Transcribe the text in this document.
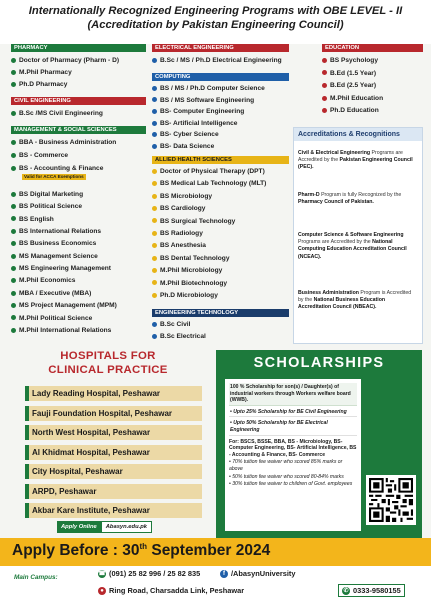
Internationally Recognized Engineering Programs with OBE LEVEL - II
(Accreditation by Pakistan Engineering Council)
PHARMACY
Doctor of Pharmacy (Pharm - D)
M.Phil Pharmacy
Ph.D Pharmacy
CIVIL ENGINEERING
B.Sc /MS Civil Engineering
MANAGEMENT & SOCIAL SCIENCES
BBA - Business Administration
BS - Commerce
BS - Accounting & Finance
Valid for ACCA Exemptions
BS Digital Marketing
BS Political Science
BS English
BS International Relations
BS Business Economics
MS Management Science
MS Engineering Management
M.Phil Economics
MBA / Executive (MBA)
MS Project Management (MPM)
M.Phil Political Science
M.Phil International Relations
ELECTRICAL ENGINEERING
B.Sc / MS / Ph.D Electrical Engineering
COMPUTING
BS / MS / Ph.D Computer Science
BS / MS Software Engineering
BS- Computer Engineering
BS- Artificial Intelligence
BS- Cyber Science
BS- Data Science
ALLIED HEALTH SCIENCES
Doctor of Physical Therapy (DPT)
BS Medical Lab Technology (MLT)
BS Microbiology
BS Cardiology
BS Surgical Technology
BS Radiology
BS Anesthesia
BS Dental Technology
M.Phil Microbiology
M.Phil Biotechnology
Ph.D Microbiology
ENGINEERING TECHNOLOGY
B.Sc Civil
B.Sc Electrical
EDUCATION
BS Psychology
B.Ed (1.5 Year)
B.Ed (2.5 Year)
M.Phil Education
Ph.D Education
Accreditations & Recognitions

Civil & Electrical Engineering Programs are Accredited by the Pakistan Engineering Council (PEC).

Pharm-D Program is fully Recognized by the Pharmacy Council of Pakistan.

Computer Science & Software Engineering Programs are Accredited by the National Computing Education Accreditation Council (NCEAC).

Business Administration Program is Accredited by the National Business Education Accreditation Council (NBEAC).

HOSPITALS FOR
CLINICAL PRACTICE
Lady Reading Hospital, Peshawar
Fauji Foundation Hospital, Peshawar
North West Hospital, Peshawar
Al Khidmat Hospital, Peshawar
City Hospital, Peshawar
ARPD, Peshawar
Akbar Kare Institute, Peshawar
Apply Online	Abasyn.edu.pk
SCHOLARSHIPS
100 % Scholarship for son(s) / Daughter(s) of industrial workers through Workers welfare board (WWB).
• Upto 25% Scholarship for BE Civil Engineering
• Upto 50% Scholarship for BE Electrical Engineering
For: BSCS, BSSE, BBA, BS - Microbiology, BS- Computer Engineering, BS- Artificial Intelligence, BS - Accounting & Finance, BS- Commerce
• 70% tuition fee waiver who scored 85% marks or above
• 50% tuition fee waiver who scored 80-84% marks
• 30% tuition fee waiver to children of Govt. employees
Apply Before : 30th September 2024
Main Campus:	☎ (091) 25 82 996 / 25 82 835	f /AbasynUniversity
● Ring Road, Charsadda Link, Peshawar	✆ 0333-9580155
